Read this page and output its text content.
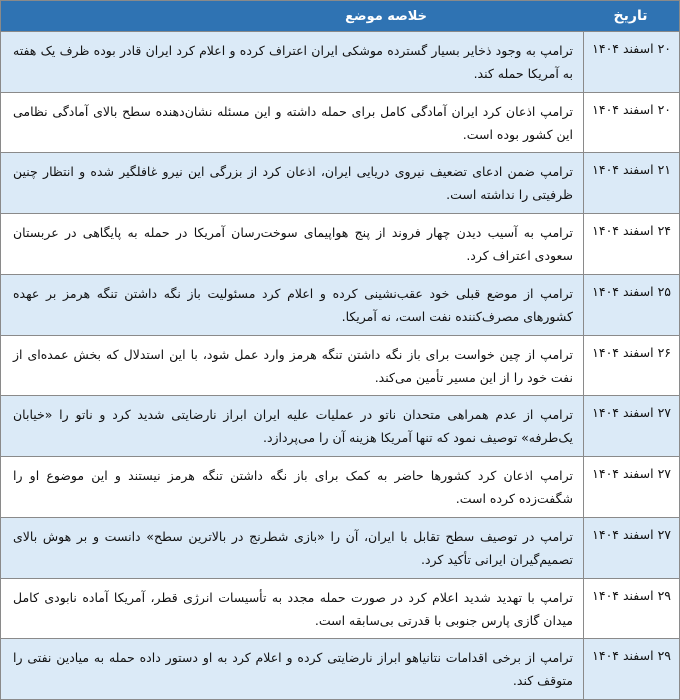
تاریخ
خلاصه موضع
۲۰ اسفند ۱۴۰۴
ترامپ به وجود ذخایر بسیار گسترده موشکی ایران اعتراف کرده و اعلام کرد ایران قادر بوده ظرف یک هفته به آمریکا حمله کند.
۲۰ اسفند ۱۴۰۴
ترامپ اذعان کرد ایران آمادگی کامل برای حمله داشته و این مسئله نشان‌دهنده سطح بالای آمادگی نظامی این کشور بوده است.
۲۱ اسفند ۱۴۰۴
ترامپ ضمن ادعای تضعیف نیروی دریایی ایران، اذعان کرد از بزرگی این نیرو غافلگیر شده و انتظار چنین ظرفیتی را نداشته است.
۲۴ اسفند ۱۴۰۴
ترامپ به آسیب دیدن چهار فروند از پنج هواپیمای سوخت‌رسان آمریکا در حمله به پایگاهی در عربستان سعودی اعتراف کرد.
۲۵ اسفند ۱۴۰۴
ترامپ از موضع قبلی خود عقب‌نشینی کرده و اعلام کرد مسئولیت باز نگه داشتن تنگه هرمز بر عهده کشورهای مصرف‌کننده نفت است، نه آمریکا.
۲۶ اسفند ۱۴۰۴
ترامپ از چین خواست برای باز نگه داشتن تنگه هرمز وارد عمل شود، با این استدلال که بخش عمده‌ای از نفت خود را از این مسیر تأمین می‌کند.
۲۷ اسفند ۱۴۰۴
ترامپ از عدم همراهی متحدان ناتو در عملیات علیه ایران ابراز نارضایتی شدید کرد و ناتو را «خیابان یک‌طرفه» توصیف نمود که تنها آمریکا هزینه آن را می‌پردازد.
۲۷ اسفند ۱۴۰۴
ترامپ اذعان کرد کشورها حاضر به کمک برای باز نگه داشتن تنگه هرمز نیستند و این موضوع او را شگفت‌زده کرده است.
۲۷ اسفند ۱۴۰۴
ترامپ در توصیف سطح تقابل با ایران، آن را «بازی شطرنج در بالاترین سطح» دانست و بر هوش بالای تصمیم‌گیران ایرانی تأکید کرد.
۲۹ اسفند ۱۴۰۴
ترامپ با تهدید شدید اعلام کرد در صورت حمله مجدد به تأسیسات انرژی قطر، آمریکا آماده نابودی کامل میدان گازی پارس جنوبی با قدرتی بی‌سابقه است.
۲۹ اسفند ۱۴۰۴
ترامپ از برخی اقدامات نتانیاهو ابراز نارضایتی کرده و اعلام کرد به او دستور داده حمله به میادین نفتی را متوقف کند.
